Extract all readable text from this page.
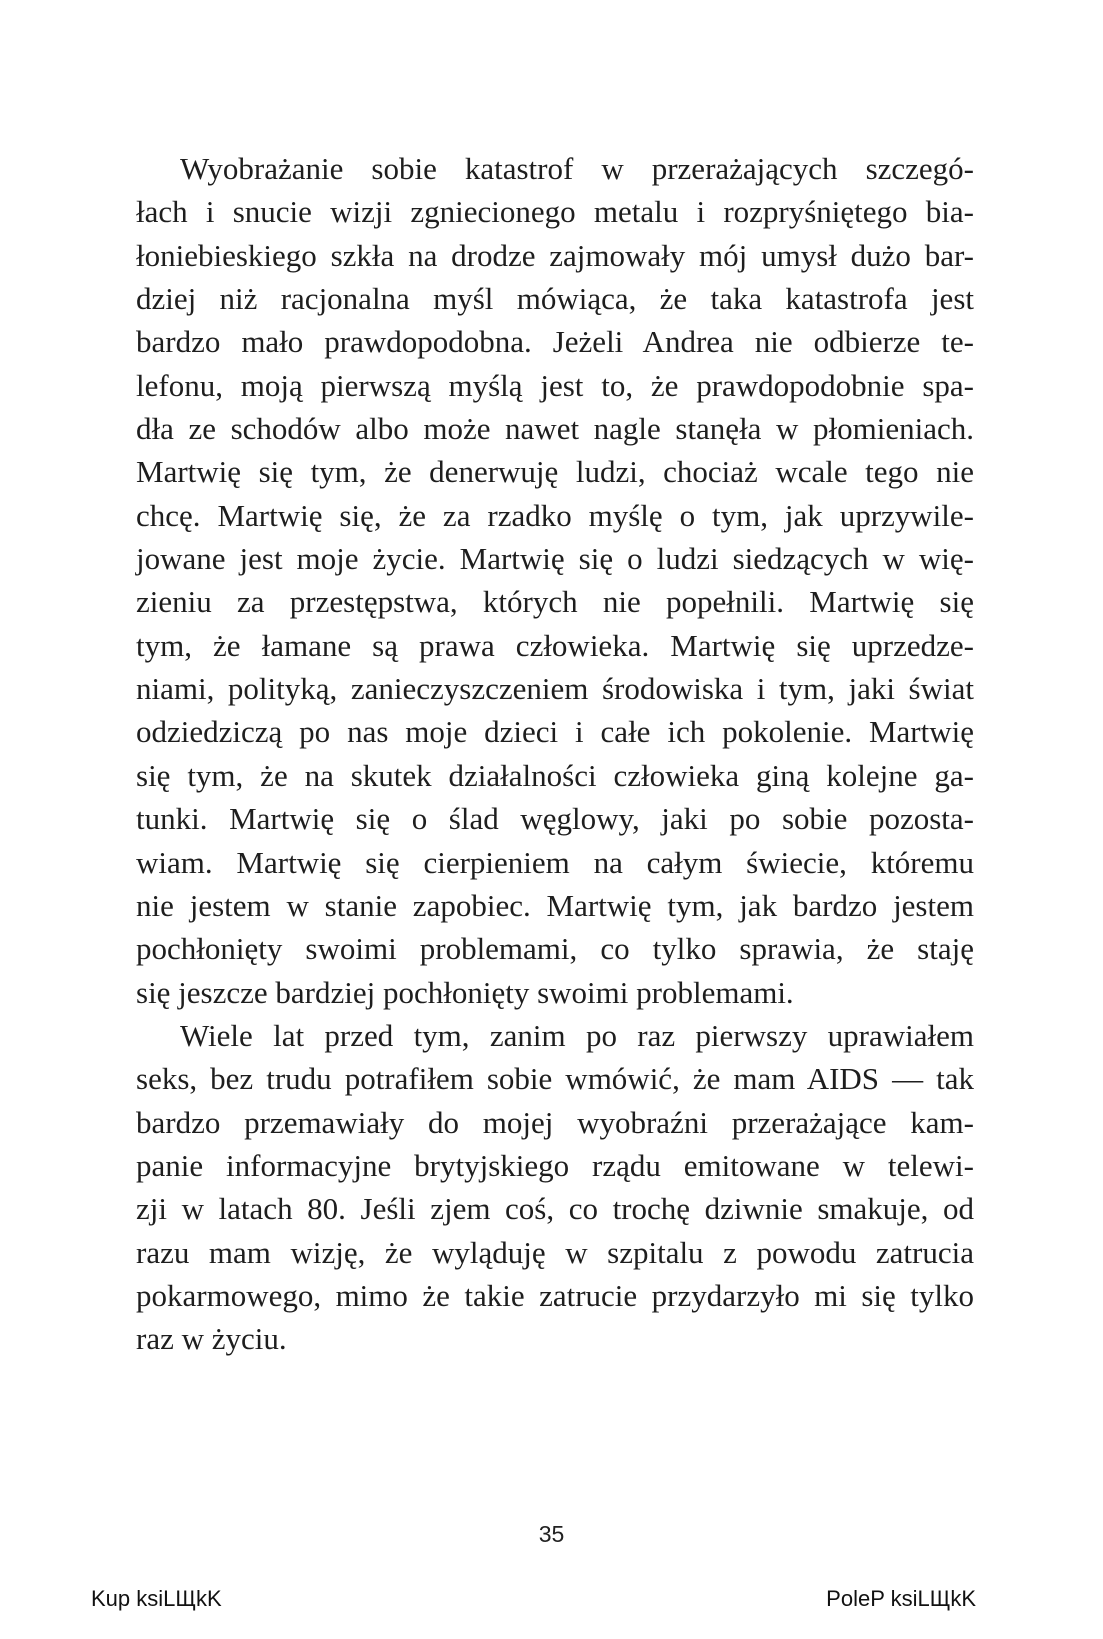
Wyobrażanie sobie katastrof w przerażających szczegó-
łach i snucie wizji zgniecionego metalu i rozpryśniętego bia-
łoniebieskiego szkła na drodze zajmowały mój umysł dużo bar-
dziej niż racjonalna myśl mówiąca, że taka katastrofa jest
bardzo mało prawdopodobna. Jeżeli Andrea nie odbierze te-
lefonu, moją pierwszą myślą jest to, że prawdopodobnie spa-
dła ze schodów albo może nawet nagle stanęła w płomieniach.
Martwię się tym, że denerwuję ludzi, chociaż wcale tego nie
chcę. Martwię się, że za rzadko myślę o tym, jak uprzywile-
jowane jest moje życie. Martwię się o ludzi siedzących w wię-
zieniu za przestępstwa, których nie popełnili. Martwię się
tym, że łamane są prawa człowieka. Martwię się uprzedze-
niami, polityką, zanieczyszczeniem środowiska i tym, jaki świat
odziedziczą po nas moje dzieci i całe ich pokolenie. Martwię
się tym, że na skutek działalności człowieka giną kolejne ga-
tunki. Martwię się o ślad węglowy, jaki po sobie pozosta-
wiam. Martwię się cierpieniem na całym świecie, któremu
nie jestem w stanie zapobiec. Martwię tym, jak bardzo jestem
pochłonięty swoimi problemami, co tylko sprawia, że staję
się jeszcze bardziej pochłonięty swoimi problemami.
Wiele lat przed tym, zanim po raz pierwszy uprawiałem
seks, bez trudu potrafiłem sobie wmówić, że mam AIDS — tak
bardzo przemawiały do mojej wyobraźni przerażające kam-
panie informacyjne brytyjskiego rządu emitowane w telewi-
zji w latach 80. Jeśli zjem coś, co trochę dziwnie smakuje, od
razu mam wizję, że wyląduję w szpitalu z powodu zatrucia
pokarmowego, mimo że takie zatrucie przydarzyło mi się tylko
raz w życiu.
35
Kup ksiLЩkK	PoleP ksiLЩkK
